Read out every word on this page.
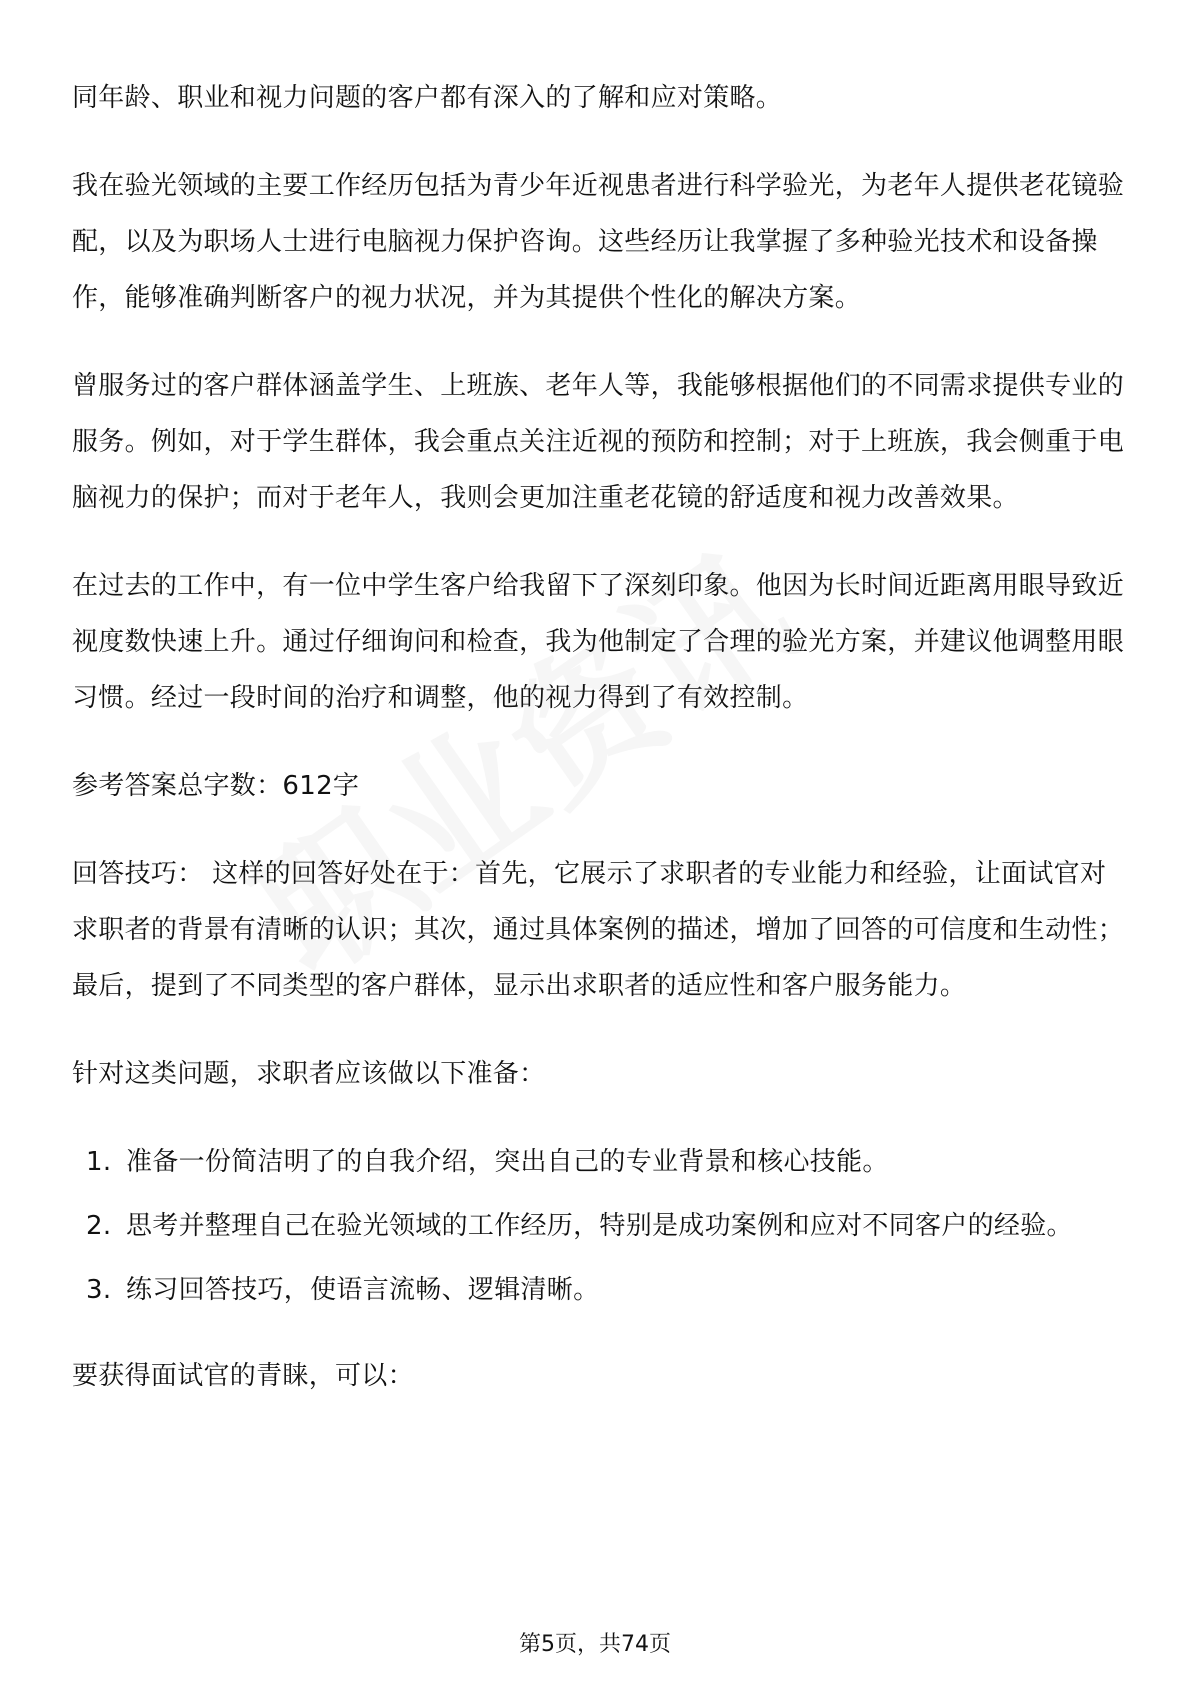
同年龄、职业和视力问题的客户都有深入的了解和应对策略。

我在验光领域的主要工作经历包括为青少年近视患者进行科学验光，为老年人提供老花镜验配，以及为职场人士进行电脑视力保护咨询。这些经历让我掌握了多种验光技术和设备操作，能够准确判断客户的视力状况，并为其提供个性化的解决方案。

曾服务过的客户群体涵盖学生、上班族、老年人等，我能够根据他们的不同需求提供专业的服务。例如，对于学生群体，我会重点关注近视的预防和控制；对于上班族，我会侧重于电脑视力的保护；而对于老年人，我则会更加注重老花镜的舒适度和视力改善效果。

在过去的工作中，有一位中学生客户给我留下了深刻印象。他因为长时间近距离用眼导致近视度数快速上升。通过仔细询问和检查，我为他制定了合理的验光方案，并建议他调整用眼习惯。经过一段时间的治疗和调整，他的视力得到了有效控制。

参考答案总字数：612字

回答技巧： 这样的回答好处在于：首先，它展示了求职者的专业能力和经验，让面试官对求职者的背景有清晰的认识；其次，通过具体案例的描述，增加了回答的可信度和生动性；最后，提到了不同类型的客户群体，显示出求职者的适应性和客户服务能力。

针对这类问题，求职者应该做以下准备：

1. 准备一份简洁明了的自我介绍，突出自己的专业背景和核心技能。
2. 思考并整理自己在验光领域的工作经历，特别是成功案例和应对不同客户的经验。
3. 练习回答技巧，使语言流畅、逻辑清晰。

要获得面试官的青睐，可以：

第5页，共74页
